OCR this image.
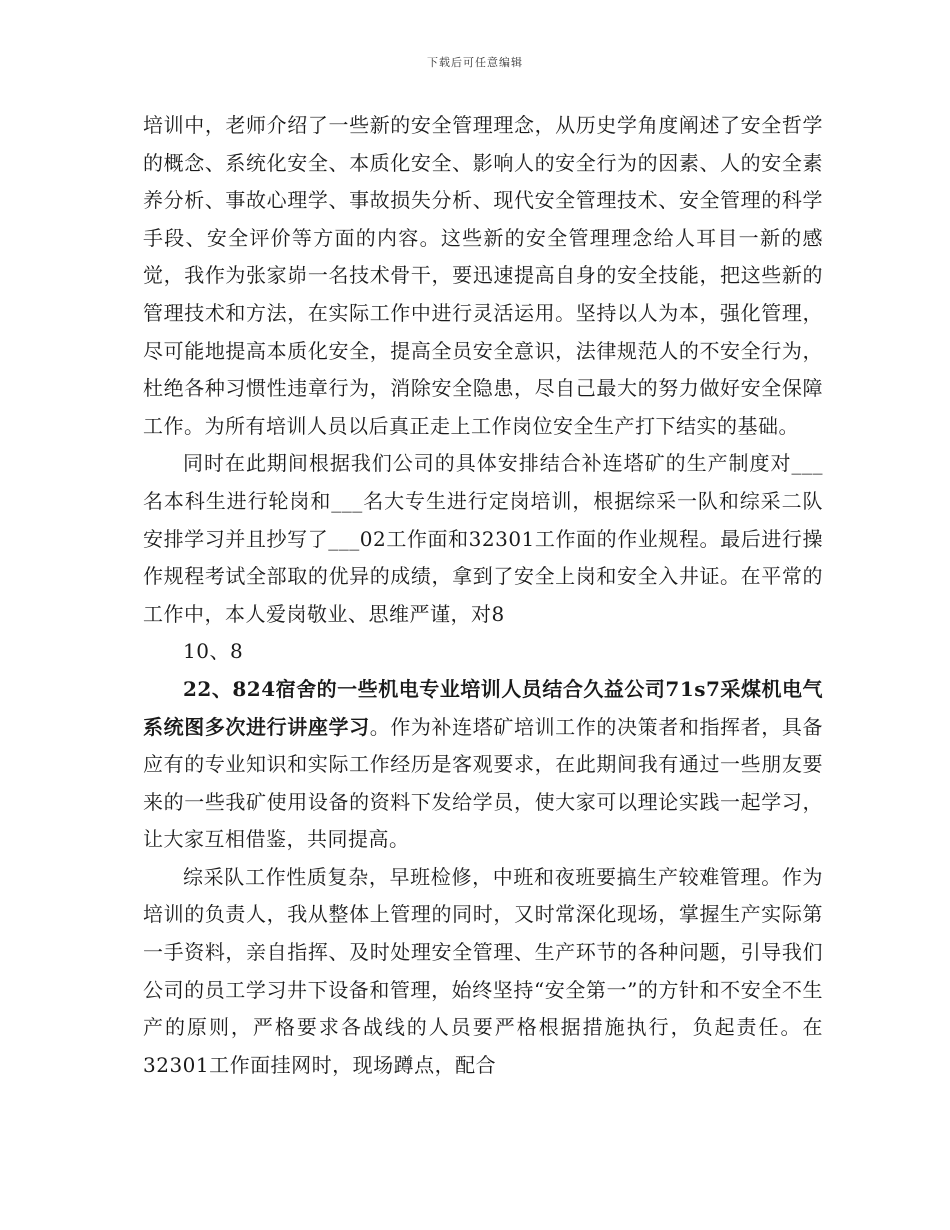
下载后可任意编辑

培训中，老师介绍了一些新的安全管理理念，从历史学角度阐述了安全哲学的概念、系统化安全、本质化安全、影响人的安全行为的因素、人的安全素养分析、事故心理学、事故损失分析、现代安全管理技术、安全管理的科学手段、安全评价等方面的内容。这些新的安全管理理念给人耳目一新的感觉，我作为张家峁一名技术骨干，要迅速提高自身的安全技能，把这些新的管理技术和方法，在实际工作中进行灵活运用。坚持以人为本，强化管理，尽可能地提高本质化安全，提高全员安全意识，法律规范人的不安全行为，杜绝各种习惯性违章行为，消除安全隐患，尽自己最大的努力做好安全保障工作。为所有培训人员以后真正走上工作岗位安全生产打下结实的基础。

同时在此期间根据我们公司的具体安排结合补连塔矿的生产制度对___名本科生进行轮岗和___名大专生进行定岗培训，根据综采一队和综采二队安排学习并且抄写了___02工作面和32301工作面的作业规程。最后进行操作规程考试全部取的优异的成绩，拿到了安全上岗和安全入井证。在平常的工作中，本人爱岗敬业、思维严谨，对8

10、8

22、824宿舍的一些机电专业培训人员结合久益公司71s7采煤机电气系统图多次进行讲座学习。作为补连塔矿培训工作的决策者和指挥者，具备应有的专业知识和实际工作经历是客观要求，在此期间我有通过一些朋友要来的一些我矿使用设备的资料下发给学员，使大家可以理论实践一起学习，让大家互相借鉴，共同提高。

综采队工作性质复杂，早班检修，中班和夜班要搞生产较难管理。作为培训的负责人，我从整体上管理的同时，又时常深化现场，掌握生产实际第一手资料，亲自指挥、及时处理安全管理、生产环节的各种问题，引导我们公司的员工学习井下设备和管理，始终坚持“安全第一”的方针和不安全不生产的原则，严格要求各战线的人员要严格根据措施执行，负起责任。在32301工作面挂网时，现场蹲点，配合
